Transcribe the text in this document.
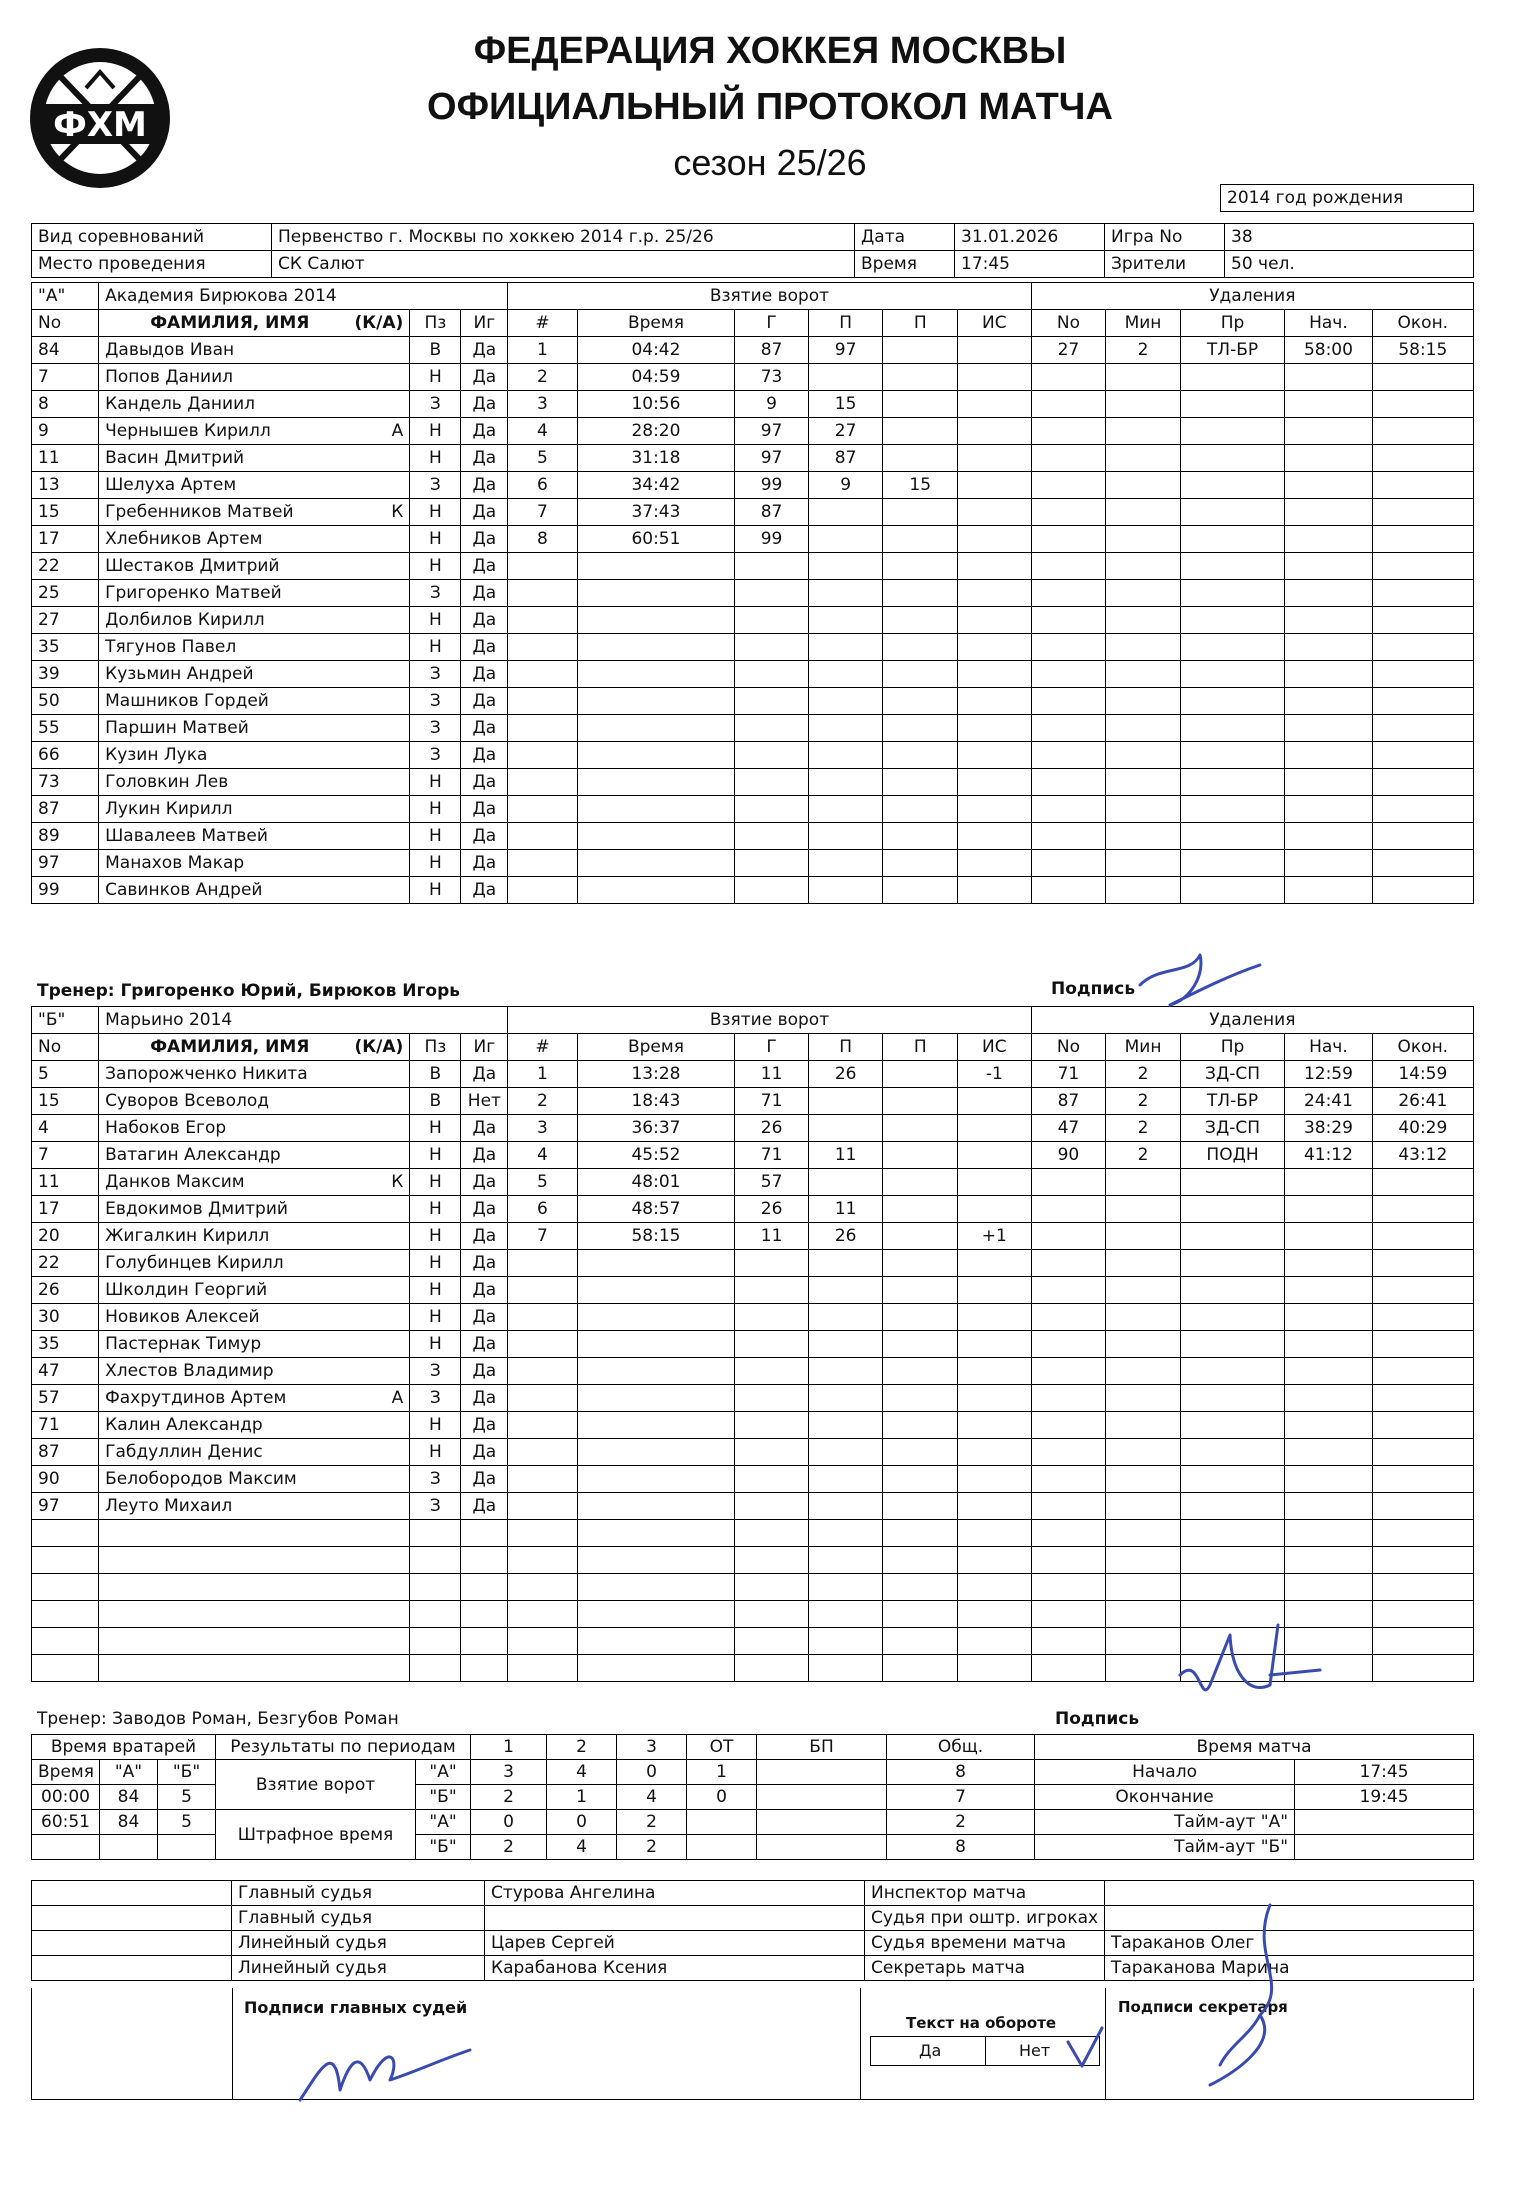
ФХМ
ФЕДЕРАЦИЯ ХОККЕЯ МОСКВЫ
ОФИЦИАЛЬНЫЙ ПРОТОКОЛ МАТЧА
сезон 25/26
2014 год рождения
Вид соревнований	Первенство г. Москвы по хоккею 2014 г.р. 25/26	Дата	31.01.2026	Игра No	38
Место проведения	СК Салют	Время	17:45	Зрители	50 чел.
"А"	Академия Бирюкова 2014			Взятие ворот						Удаления				
No	ФАМИЛИЯ, ИМЯ (К/А)	Пз	Иг	#	Время	Г	П	П	ИС	No	Мин	Пр	Нач.	Окон.
84	Давыдов Иван	В	Да	1	04:42	87	97			27	2	ТЛ-БР	58:00	58:15
7	Попов Даниил	Н	Да	2	04:59	73								
8	Кандель Даниил	З	Да	3	10:56	9	15							
9	Чернышев Кирилл А	Н	Да	4	28:20	97	27							
11	Васин Дмитрий	Н	Да	5	31:18	97	87							
13	Шелуха Артем	З	Да	6	34:42	99	9	15						
15	Гребенников Матвей К	Н	Да	7	37:43	87								
17	Хлебников Артем	Н	Да	8	60:51	99								
22	Шестаков Дмитрий	Н	Да											
25	Григоренко Матвей	З	Да											
27	Долбилов Кирилл	Н	Да											
35	Тягунов Павел	Н	Да											
39	Кузьмин Андрей	З	Да											
50	Машников Гордей	З	Да											
55	Паршин Матвей	З	Да											
66	Кузин Лука	З	Да											
73	Головкин Лев	Н	Да											
87	Лукин Кирилл	Н	Да											
89	Шавалеев Матвей	Н	Да											
97	Манахов Макар	Н	Да											
99	Савинков Андрей	Н	Да											
Тренер: Григоренко Юрий, Бирюков Игорь	Подпись
"Б"	Марьино 2014			Взятие ворот						Удаления				
No	ФАМИЛИЯ, ИМЯ (К/А)	Пз	Иг	#	Время	Г	П	П	ИС	No	Мин	Пр	Нач.	Окон.
5	Запорожченко Никита	В	Да	1	13:28	11	26		-1	71	2	ЗД-СП	12:59	14:59
15	Суворов Всеволод	В	Нет	2	18:43	71				87	2	ТЛ-БР	24:41	26:41
4	Набоков Егор	Н	Да	3	36:37	26				47	2	ЗД-СП	38:29	40:29
7	Ватагин Александр	Н	Да	4	45:52	71	11			90	2	ПОДН	41:12	43:12
11	Данков Максим К	Н	Да	5	48:01	57								
17	Евдокимов Дмитрий	Н	Да	6	48:57	26	11							
20	Жигалкин Кирилл	Н	Да	7	58:15	11	26		+1					
22	Голубинцев Кирилл	Н	Да											
26	Школдин Георгий	Н	Да											
30	Новиков Алексей	Н	Да											
35	Пастернак Тимур	Н	Да											
47	Хлестов Владимир	З	Да											
57	Фахрутдинов Артем А	З	Да											
71	Калин Александр	Н	Да											
87	Габдуллин Денис	Н	Да											
90	Белобородов Максим	З	Да											
97	Леуто Михаил	З	Да											

Тренер: Заводов Роман, Безгубов Роман	Подпись
Время вратарей			Результаты по периодам		1	2	3	ОТ	БП	Общ.	Время матча	
Время	"А"	"Б"	Взятие ворот	"А"	3	4	0	1		8	Начало	17:45
00:00	84	5		"Б"	2	1	4	0		7	Окончание	19:45
60:51	84	5	Штрафное время	"А"	0	0	2			2	Тайм-аут "А"	
				"Б"	2	4	2			8	Тайм-аут "Б"	
	Главный судья	Стурова Ангелина	Инспектор матча	
	Главный судья		Судья при оштр. игроках	
	Линейный судья	Царев Сергей	Судья времени матча	Тараканов Олег
	Линейный судья	Карабанова Ксения	Секретарь матча	Тараканова Марина
Подписи главных судей
Текст на обороте
Да	Нет
Подписи секретаря
